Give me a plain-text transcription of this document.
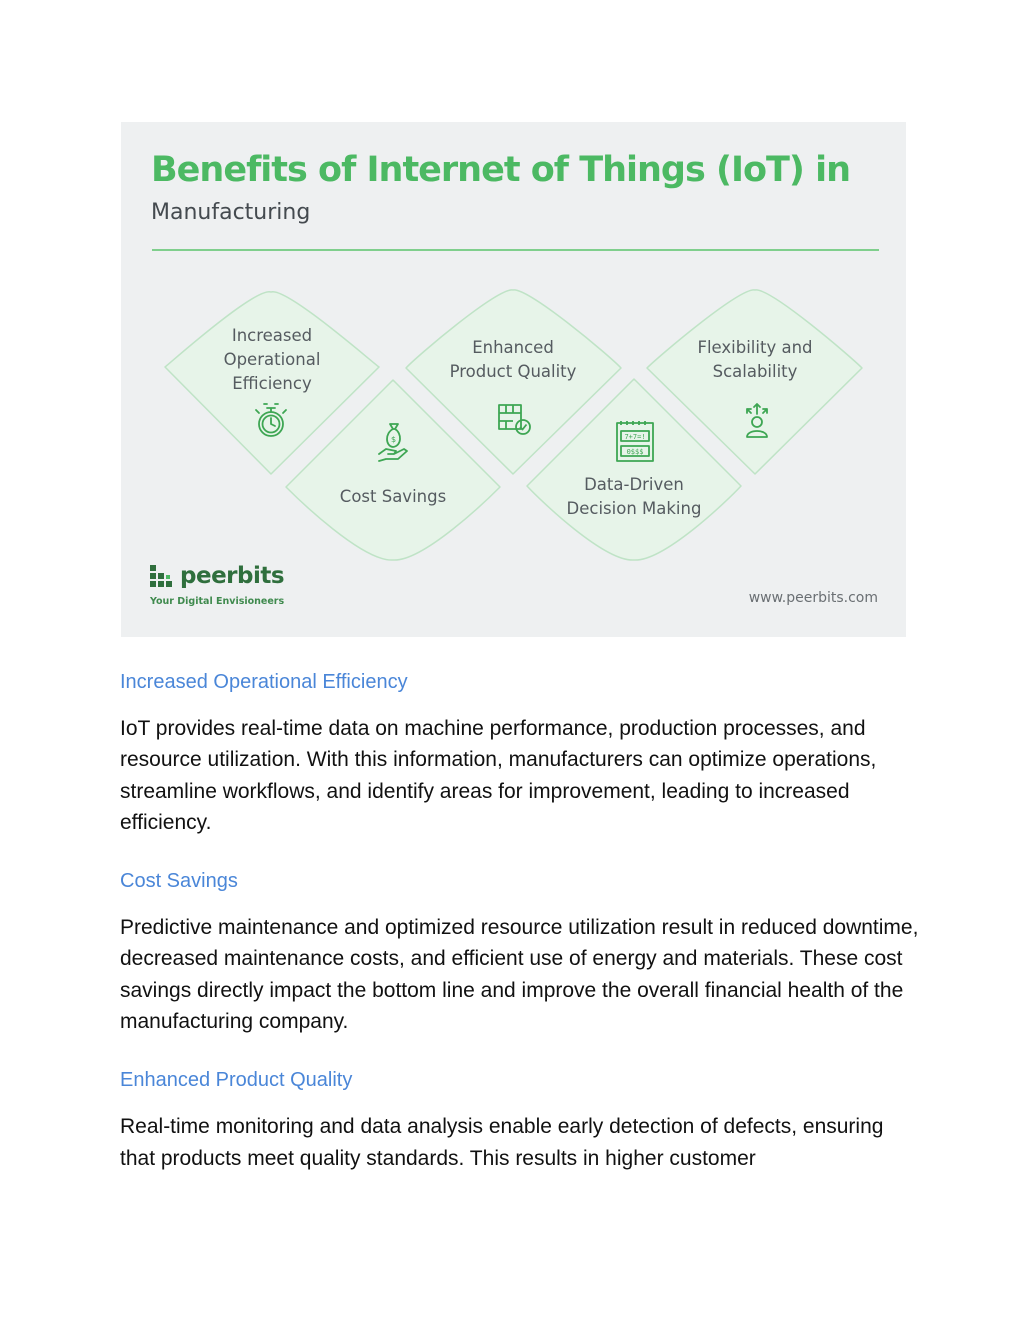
Benefits of Internet of Things (IoT) in
Manufacturing
Increased
Operational
Efficiency
Cost Savings
Enhanced
Product Quality
Data-Driven
Decision Making
Flexibility and
Scalability
$	7+7=!
0$$$
peerbits
Your Digital Envisioneers	www.peerbits.com
Increased Operational Efficiency

IoT provides real-time data on machine performance, production processes, and resource utilization. With this information, manufacturers can optimize operations, streamline workflows, and identify areas for improvement, leading to increased efficiency.

Cost Savings

Predictive maintenance and optimized resource utilization result in reduced downtime, decreased maintenance costs, and efficient use of energy and materials. These cost savings directly impact the bottom line and improve the overall financial health of the manufacturing company.

Enhanced Product Quality

Real-time monitoring and data analysis enable early detection of defects, ensuring that products meet quality standards. This results in higher customer
